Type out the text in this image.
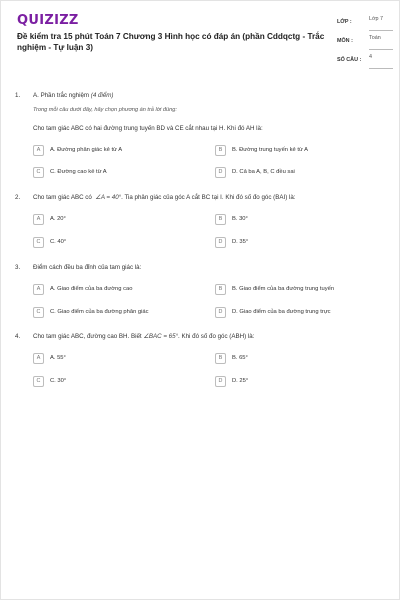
QUIZIZZ
Đề kiểm tra 15 phút Toán 7 Chương 3 Hình học có đáp án (phần Cddqctg - Trắc nghiệm - Tự luận 3)
LỚP :	Lớp 7
MÔN :	Toán
SỐ CÂU : 4
1. A. Phần trắc nghiệm (4 điểm)
Trong mỗi câu dưới đây, hãy chọn phương án trả lời đúng:
Cho tam giác ABC có hai đường trung tuyến BD và CE cắt nhau tại H. Khi đó AH là:
A	A. Đường phân giác kẻ từ A	B	B. Đường trung tuyến kẻ từ A
C	C. Đường cao kẻ từ A	D	D. Cả ba A, B, C đều sai
2. Cho tam giác ABC có ∠A = 40°. Tia phân giác của góc A cắt BC tại I. Khi đó số đo góc (BAI) là:
A	A. 20°	B	B. 30°
C	C. 40°	D	D. 35°
3. Điểm cách đều ba đỉnh của tam giác là:
A	A. Giao điểm của ba đường cao	B	B. Giao điểm của ba đường trung tuyến
C	C. Giao điểm của ba đường phân giác	D	D. Giao điểm của ba đường trung trực
4. Cho tam giác ABC, đường cao BH. Biết ∠BAC = 65°. Khi đó số đo góc (ABH) là:
A	A. 55°	B	B. 65°
C	C. 30°	D	D. 25°
